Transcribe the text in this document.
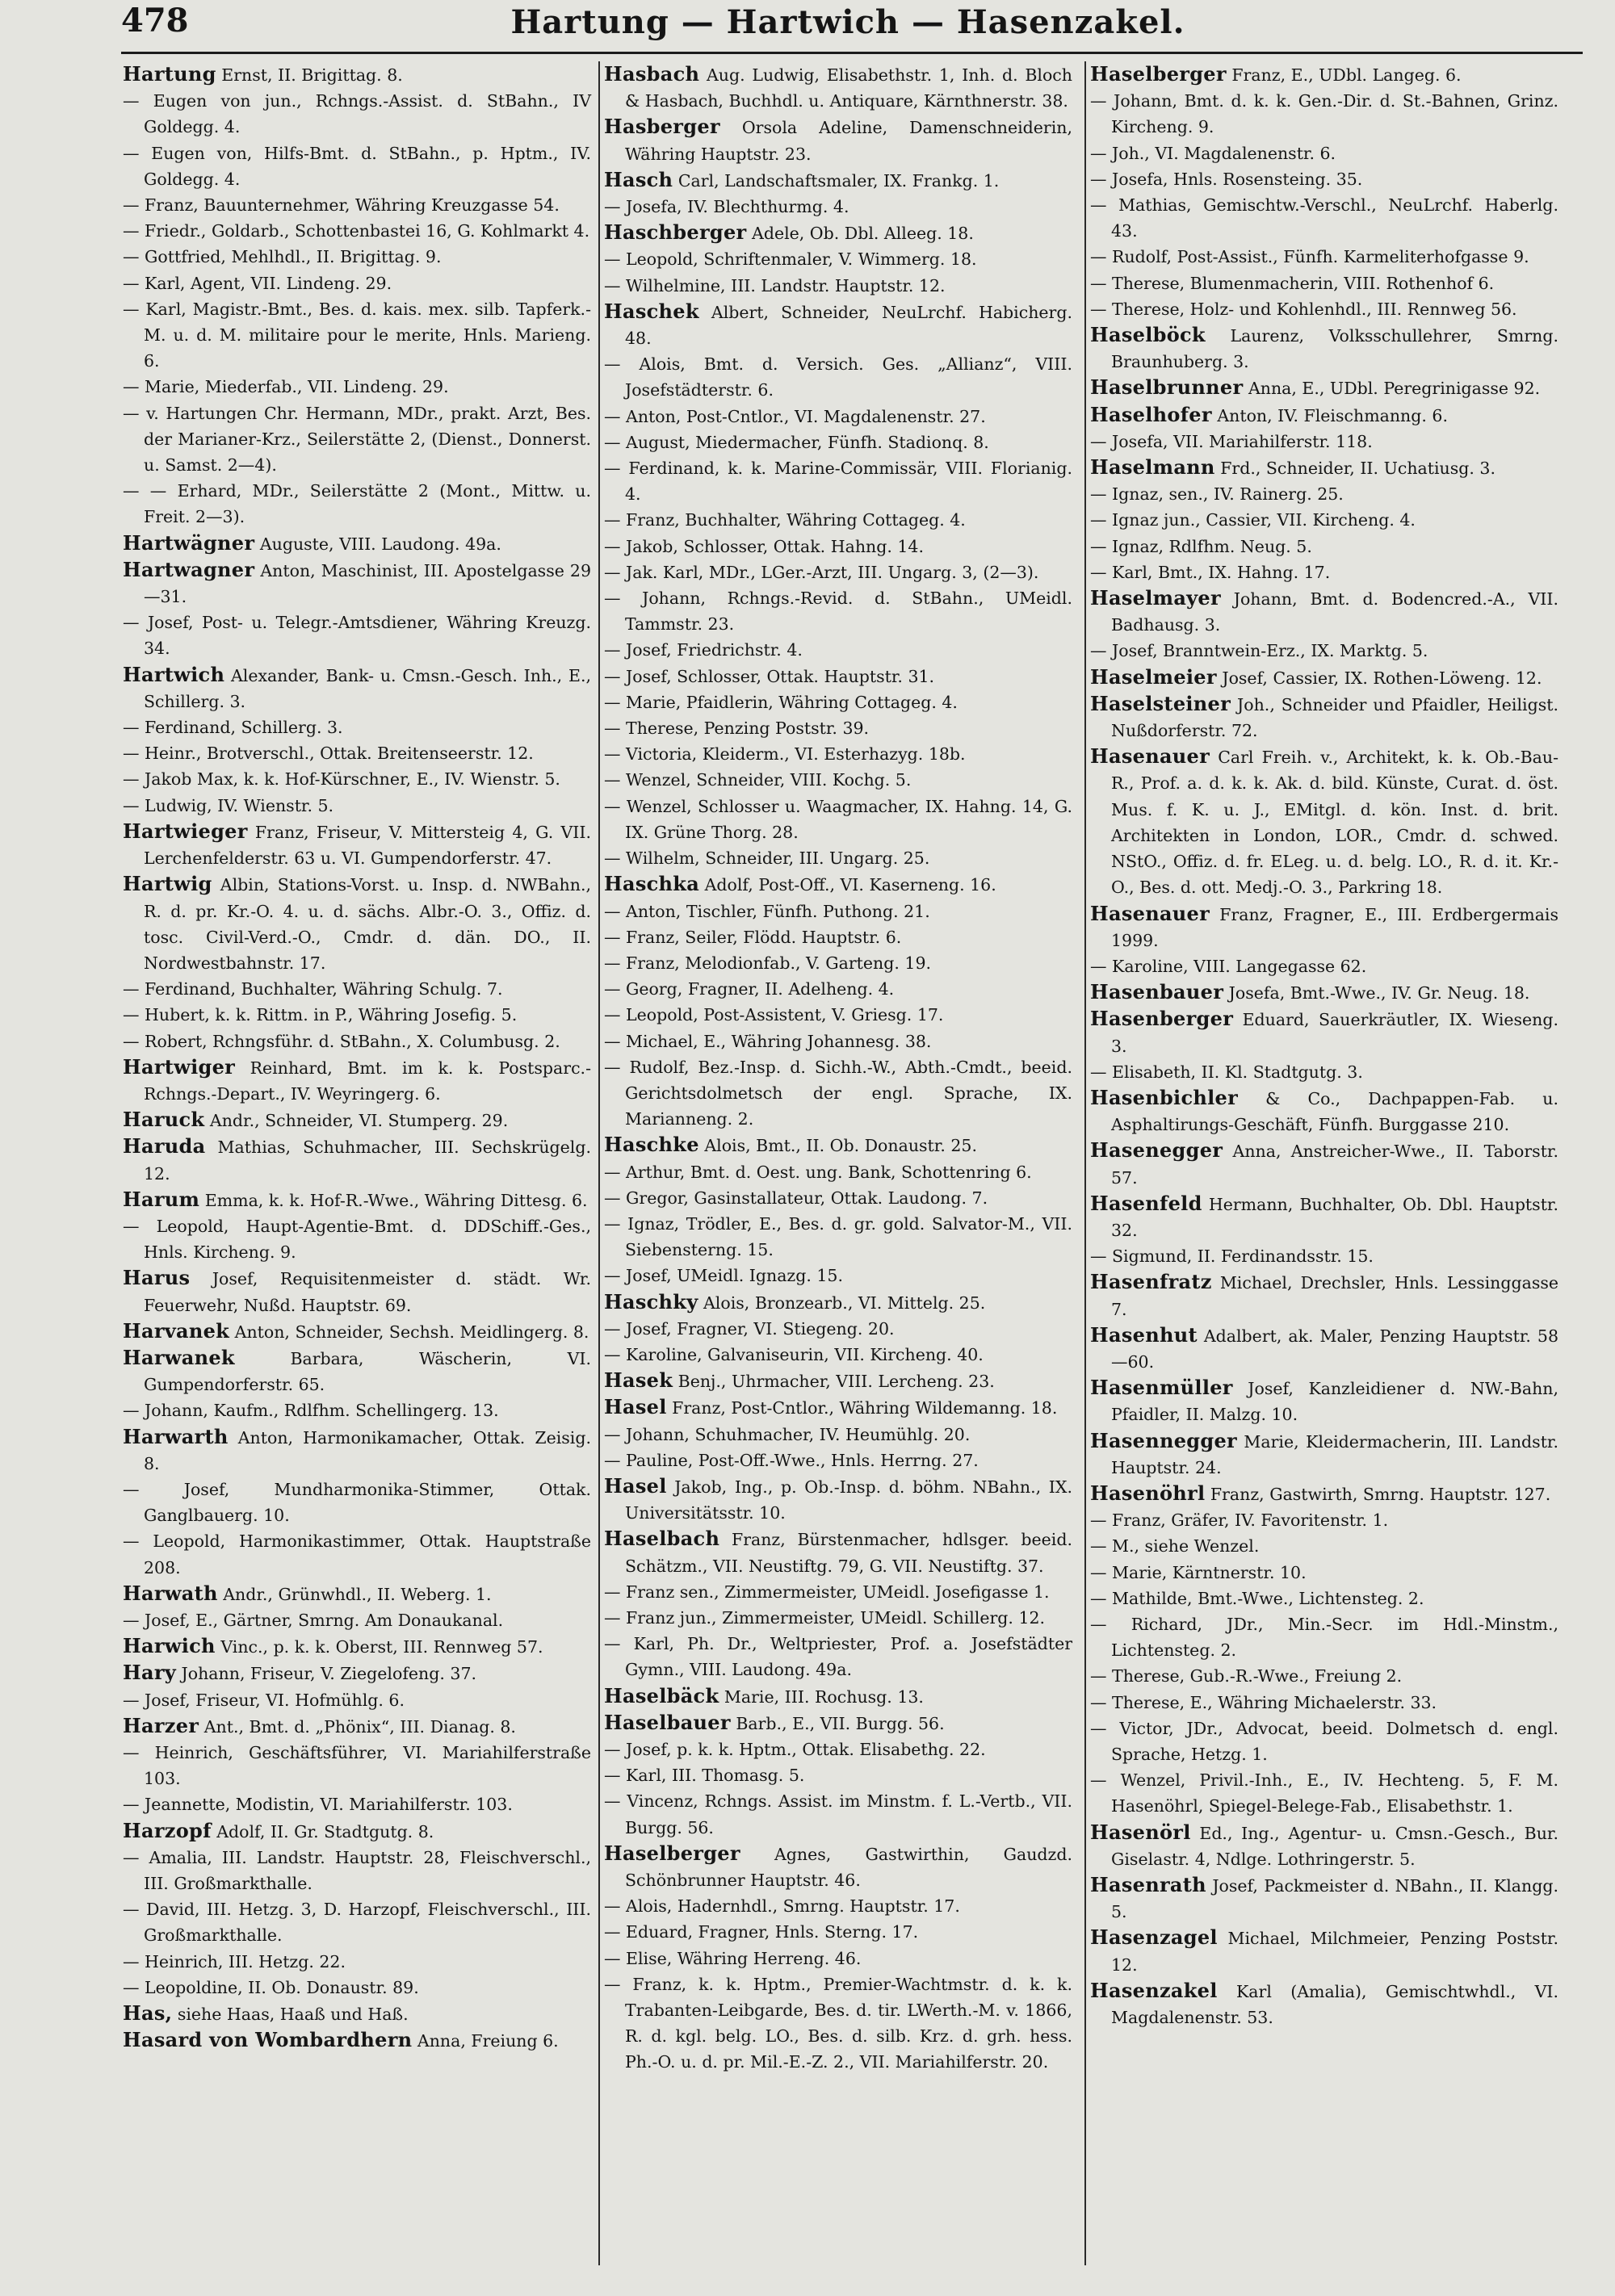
478	Hartung — Hartwich — Hasenzakel.

Hartung Ernst, II. Brigittag. 8.

— Eugen von jun., Rchngs.-Assist. d. StBahn., IV Goldegg. 4.

— Eugen von, Hilfs-Bmt. d. StBahn., p. Hptm., IV. Goldegg. 4.

— Franz, Bauunternehmer, Währing Kreuzgasse 54.

— Friedr., Goldarb., Schottenbastei 16, G. Kohlmarkt 4.

— Gottfried, Mehlhdl., II. Brigittag. 9.

— Karl, Agent, VII. Lindeng. 29.

— Karl, Magistr.-Bmt., Bes. d. kais. mex. silb. Tapferk.-M. u. d. M. militaire pour le merite, Hnls. Marieng. 6.

— Marie, Miederfab., VII. Lindeng. 29.

— v. Hartungen Chr. Hermann, MDr., prakt. Arzt, Bes. der Marianer-Krz., Seilerstätte 2, (Dienst., Donnerst. u. Samst. 2—4).

— — Erhard, MDr., Seilerstätte 2 (Mont., Mittw. u. Freit. 2—3).

Hartwägner Auguste, VIII. Laudong. 49a.

Hartwagner Anton, Maschinist, III. Apostelgasse 29—31.

— Josef, Post- u. Telegr.-Amtsdiener, Währing Kreuzg. 34.

Hartwich Alexander, Bank- u. Cmsn.-Gesch. Inh., E., Schillerg. 3.

— Ferdinand, Schillerg. 3.

— Heinr., Brotverschl., Ottak. Breitenseerstr. 12.

— Jakob Max, k. k. Hof-Kürschner, E., IV. Wienstr. 5.

— Ludwig, IV. Wienstr. 5.

Hartwieger Franz, Friseur, V. Mittersteig 4, G. VII. Lerchenfelderstr. 63 u. VI. Gumpendorferstr. 47.

Hartwig Albin, Stations-Vorst. u. Insp. d. NWBahn., R. d. pr. Kr.-O. 4. u. d. sächs. Albr.-O. 3., Offiz. d. tosc. Civil-Verd.-O., Cmdr. d. dän. DO., II. Nordwestbahnstr. 17.

— Ferdinand, Buchhalter, Währing Schulg. 7.

— Hubert, k. k. Rittm. in P., Währing Josefig. 5.

— Robert, Rchngsführ. d. StBahn., X. Columbusg. 2.

Hartwiger Reinhard, Bmt. im k. k. Postsparc.-Rchngs.-Depart., IV. Weyringerg. 6.

Haruck Andr., Schneider, VI. Stumperg. 29.

Haruda Mathias, Schuhmacher, III. Sechskrügelg. 12.

Harum Emma, k. k. Hof-R.-Wwe., Währing Dittesg. 6.

— Leopold, Haupt-Agentie-Bmt. d. DDSchiff.-Ges., Hnls. Kircheng. 9.

Harus Josef, Requisitenmeister d. städt. Wr. Feuerwehr, Nußd. Hauptstr. 69.

Harvanek Anton, Schneider, Sechsh. Meidlingerg. 8.

Harwanek Barbara, Wäscherin, VI. Gumpendorferstr. 65.

— Johann, Kaufm., Rdlfhm. Schellingerg. 13.

Harwarth Anton, Harmonikamacher, Ottak. Zeisig. 8.

— Josef, Mundharmonika-Stimmer, Ottak. Ganglbauerg. 10.

— Leopold, Harmonikastimmer, Ottak. Hauptstraße 208.

Harwath Andr., Grünwhdl., II. Weberg. 1.

— Josef, E., Gärtner, Smrng. Am Donaukanal.

Harwich Vinc., p. k. k. Oberst, III. Rennweg 57.

Hary Johann, Friseur, V. Ziegelofeng. 37.

— Josef, Friseur, VI. Hofmühlg. 6.

Harzer Ant., Bmt. d. „Phönix“, III. Dianag. 8.

— Heinrich, Geschäftsführer, VI. Mariahilferstraße 103.

— Jeannette, Modistin, VI. Mariahilferstr. 103.

Harzopf Adolf, II. Gr. Stadtgutg. 8.

— Amalia, III. Landstr. Hauptstr. 28, Fleischverschl., III. Großmarkthalle.

— David, III. Hetzg. 3, D. Harzopf, Fleischverschl., III. Großmarkthalle.

— Heinrich, III. Hetzg. 22.

— Leopoldine, II. Ob. Donaustr. 89.

Has, siehe Haas, Haaß und Haß.

Hasard von Wombardhern Anna, Freiung 6.

Hasbach Aug. Ludwig, Elisabethstr. 1, Inh. d. Bloch & Hasbach, Buchhdl. u. Antiquare, Kärnthnerstr. 38.

Hasberger Orsola Adeline, Damenschneiderin, Währing Hauptstr. 23.

Hasch Carl, Landschaftsmaler, IX. Frankg. 1.

— Josefa, IV. Blechthurmg. 4.

Haschberger Adele, Ob. Dbl. Alleeg. 18.

— Leopold, Schriftenmaler, V. Wimmerg. 18.

— Wilhelmine, III. Landstr. Hauptstr. 12.

Haschek Albert, Schneider, NeuLrchf. Habicherg. 48.

— Alois, Bmt. d. Versich. Ges. „Allianz“, VIII. Josefstädterstr. 6.

— Anton, Post-Cntlor., VI. Magdalenenstr. 27.

— August, Miedermacher, Fünfh. Stadionq. 8.

— Ferdinand, k. k. Marine-Commissär, VIII. Florianig. 4.

— Franz, Buchhalter, Währing Cottageg. 4.

— Jakob, Schlosser, Ottak. Hahng. 14.

— Jak. Karl, MDr., LGer.-Arzt, III. Ungarg. 3, (2—3).

— Johann, Rchngs.-Revid. d. StBahn., UMeidl. Tammstr. 23.

— Josef, Friedrichstr. 4.

— Josef, Schlosser, Ottak. Hauptstr. 31.

— Marie, Pfaidlerin, Währing Cottageg. 4.

— Therese, Penzing Poststr. 39.

— Victoria, Kleiderm., VI. Esterhazyg. 18b.

— Wenzel, Schneider, VIII. Kochg. 5.

— Wenzel, Schlosser u. Waagmacher, IX. Hahng. 14, G. IX. Grüne Thorg. 28.

— Wilhelm, Schneider, III. Ungarg. 25.

Haschka Adolf, Post-Off., VI. Kaserneng. 16.

— Anton, Tischler, Fünfh. Puthong. 21.

— Franz, Seiler, Flödd. Hauptstr. 6.

— Franz, Melodionfab., V. Garteng. 19.

— Georg, Fragner, II. Adelheng. 4.

— Leopold, Post-Assistent, V. Griesg. 17.

— Michael, E., Währing Johannesg. 38.

— Rudolf, Bez.-Insp. d. Sichh.-W., Abth.-Cmdt., beeid. Gerichtsdolmetsch der engl. Sprache, IX. Marianneng. 2.

Haschke Alois, Bmt., II. Ob. Donaustr. 25.

— Arthur, Bmt. d. Oest. ung. Bank, Schottenring 6.

— Gregor, Gasinstallateur, Ottak. Laudong. 7.

— Ignaz, Trödler, E., Bes. d. gr. gold. Salvator-M., VII. Siebensterng. 15.

— Josef, UMeidl. Ignazg. 15.

Haschky Alois, Bronzearb., VI. Mittelg. 25.

— Josef, Fragner, VI. Stiegeng. 20.

— Karoline, Galvaniseurin, VII. Kircheng. 40.

Hasek Benj., Uhrmacher, VIII. Lercheng. 23.

Hasel Franz, Post-Cntlor., Währing Wildemanng. 18.

— Johann, Schuhmacher, IV. Heumühlg. 20.

— Pauline, Post-Off.-Wwe., Hnls. Herrng. 27.

Hasel Jakob, Ing., p. Ob.-Insp. d. böhm. NBahn., IX. Universitätsstr. 10.

Haselbach Franz, Bürstenmacher, hdlsger. beeid. Schätzm., VII. Neustiftg. 79, G. VII. Neustiftg. 37.

— Franz sen., Zimmermeister, UMeidl. Josefigasse 1.

— Franz jun., Zimmermeister, UMeidl. Schillerg. 12.

— Karl, Ph. Dr., Weltpriester, Prof. a. Josefstädter Gymn., VIII. Laudong. 49a.

Haselbäck Marie, III. Rochusg. 13.

Haselbauer Barb., E., VII. Burgg. 56.

— Josef, p. k. k. Hptm., Ottak. Elisabethg. 22.

— Karl, III. Thomasg. 5.

— Vincenz, Rchngs. Assist. im Minstm. f. L.-Vertb., VII. Burgg. 56.

Haselberger Agnes, Gastwirthin, Gaudzd. Schönbrunner Hauptstr. 46.

— Alois, Hadernhdl., Smrng. Hauptstr. 17.

— Eduard, Fragner, Hnls. Sterng. 17.

— Elise, Währing Herreng. 46.

— Franz, k. k. Hptm., Premier-Wachtmstr. d. k. k. Trabanten-Leibgarde, Bes. d. tir. LWerth.-M. v. 1866, R. d. kgl. belg. LO., Bes. d. silb. Krz. d. grh. hess. Ph.-O. u. d. pr. Mil.-E.-Z. 2., VII. Mariahilferstr. 20.

Haselberger Franz, E., UDbl. Langeg. 6.

— Johann, Bmt. d. k. k. Gen.-Dir. d. St.-Bahnen, Grinz. Kircheng. 9.

— Joh., VI. Magdalenenstr. 6.

— Josefa, Hnls. Rosensteing. 35.

— Mathias, Gemischtw.-Verschl., NeuLrchf. Haberlg. 43.

— Rudolf, Post-Assist., Fünfh. Karmeliterhofgasse 9.

— Therese, Blumenmacherin, VIII. Rothenhof 6.

— Therese, Holz- und Kohlenhdl., III. Rennweg 56.

Haselböck Laurenz, Volksschullehrer, Smrng. Braunhuberg. 3.

Haselbrunner Anna, E., UDbl. Peregrinigasse 92.

Haselhofer Anton, IV. Fleischmanng. 6.

— Josefa, VII. Mariahilferstr. 118.

Haselmann Frd., Schneider, II. Uchatiusg. 3.

— Ignaz, sen., IV. Rainerg. 25.

— Ignaz jun., Cassier, VII. Kircheng. 4.

— Ignaz, Rdlfhm. Neug. 5.

— Karl, Bmt., IX. Hahng. 17.

Haselmayer Johann, Bmt. d. Bodencred.-A., VII. Badhausg. 3.

— Josef, Branntwein-Erz., IX. Marktg. 5.

Haselmeier Josef, Cassier, IX. Rothen-Löweng. 12.

Haselsteiner Joh., Schneider und Pfaidler, Heiligst. Nußdorferstr. 72.

Hasenauer Carl Freih. v., Architekt, k. k. Ob.-Bau-R., Prof. a. d. k. k. Ak. d. bild. Künste, Curat. d. öst. Mus. f. K. u. J., EMitgl. d. kön. Inst. d. brit. Architekten in London, LOR., Cmdr. d. schwed. NStO., Offiz. d. fr. ELeg. u. d. belg. LO., R. d. it. Kr.-O., Bes. d. ott. Medj.-O. 3., Parkring 18.

Hasenauer Franz, Fragner, E., III. Erdbergermais 1999.

— Karoline, VIII. Langegasse 62.

Hasenbauer Josefa, Bmt.-Wwe., IV. Gr. Neug. 18.

Hasenberger Eduard, Sauerkräutler, IX. Wieseng. 3.

— Elisabeth, II. Kl. Stadtgutg. 3.

Hasenbichler & Co., Dachpappen-Fab. u. Asphaltirungs-Geschäft, Fünfh. Burggasse 210.

Hasenegger Anna, Anstreicher-Wwe., II. Taborstr. 57.

Hasenfeld Hermann, Buchhalter, Ob. Dbl. Hauptstr. 32.

— Sigmund, II. Ferdinandsstr. 15.

Hasenfratz Michael, Drechsler, Hnls. Lessinggasse 7.

Hasenhut Adalbert, ak. Maler, Penzing Hauptstr. 58—60.

Hasenmüller Josef, Kanzleidiener d. NW.-Bahn, Pfaidler, II. Malzg. 10.

Hasennegger Marie, Kleidermacherin, III. Landstr. Hauptstr. 24.

Hasenöhrl Franz, Gastwirth, Smrng. Hauptstr. 127.

— Franz, Gräfer, IV. Favoritenstr. 1.

— M., siehe Wenzel.

— Marie, Kärntnerstr. 10.

— Mathilde, Bmt.-Wwe., Lichtensteg. 2.

— Richard, JDr., Min.-Secr. im Hdl.-Minstm., Lichtensteg. 2.

— Therese, Gub.-R.-Wwe., Freiung 2.

— Therese, E., Währing Michaelerstr. 33.

— Victor, JDr., Advocat, beeid. Dolmetsch d. engl. Sprache, Hetzg. 1.

— Wenzel, Privil.-Inh., E., IV. Hechteng. 5, F. M. Hasenöhrl, Spiegel-Belege-Fab., Elisabethstr. 1.

Hasenörl Ed., Ing., Agentur- u. Cmsn.-Gesch., Bur. Giselastr. 4, Ndlge. Lothringerstr. 5.

Hasenrath Josef, Packmeister d. NBahn., II. Klangg. 5.

Hasenzagel Michael, Milchmeier, Penzing Poststr. 12.

Hasenzakel Karl (Amalia), Gemischtwhdl., VI. Magdalenenstr. 53.
